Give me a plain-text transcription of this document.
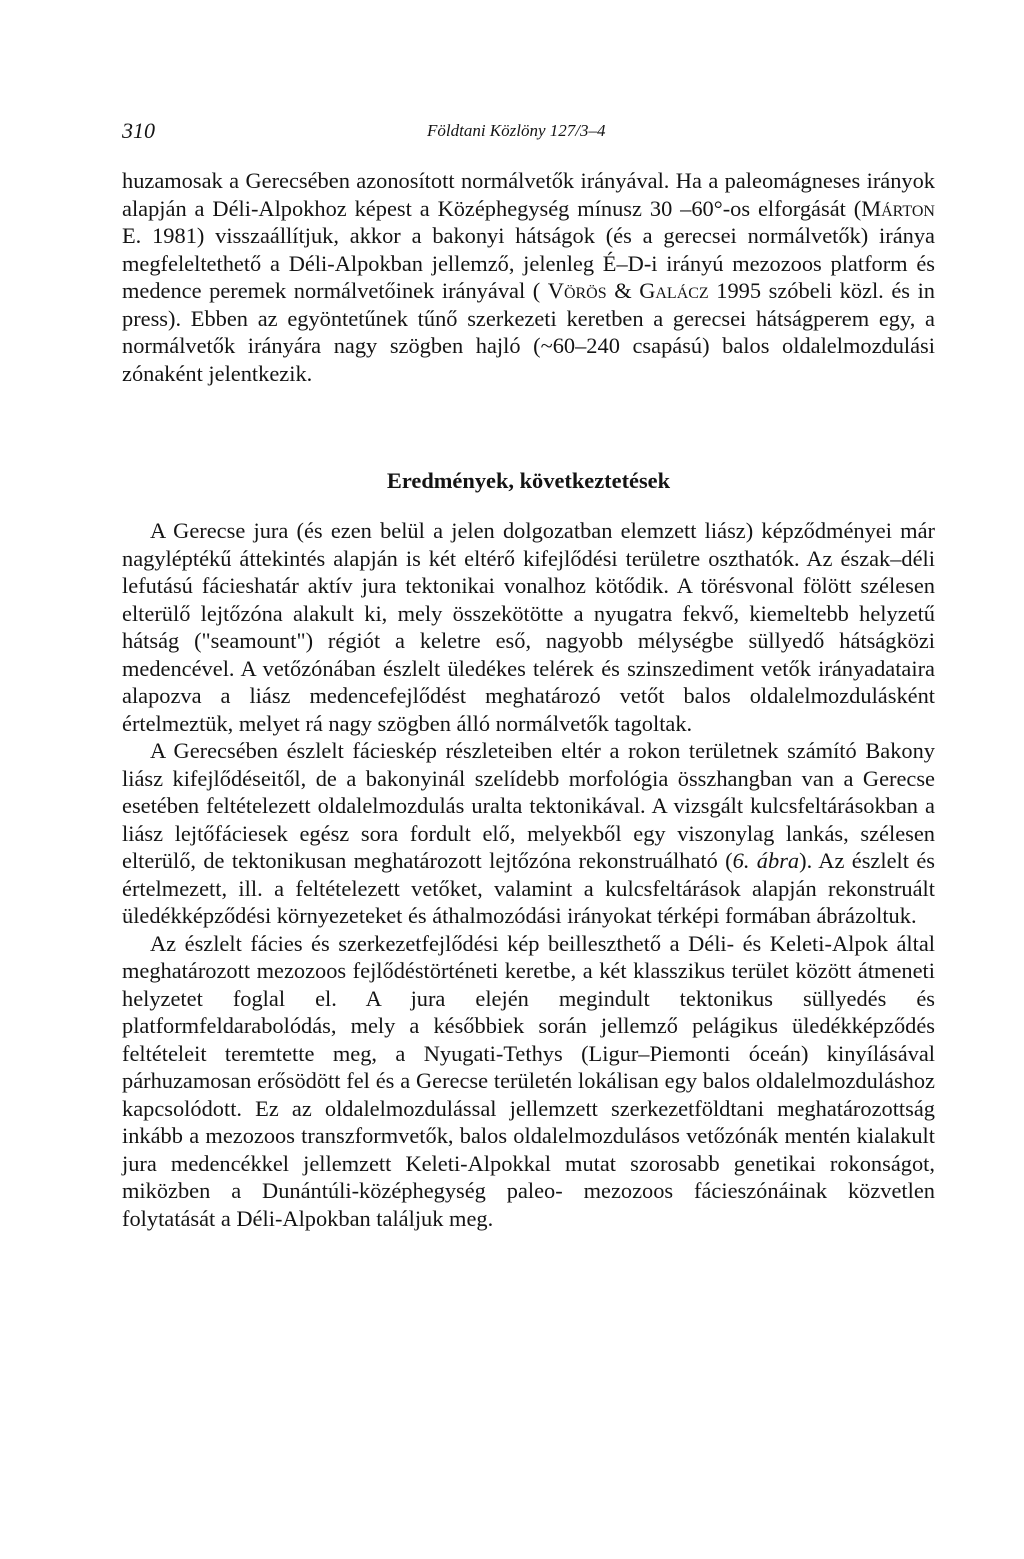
310	Földtani Közlöny 127/3–4

huzamosak a Gerecsében azonosított normálvetők irányával. Ha a paleomágneses irányok alapján a Déli-Alpokhoz képest a Középhegység mínusz 30 –60°-os elforgását (Márton E. 1981) visszaállítjuk, akkor a bakonyi hátságok (és a gerecsei normálvetők) iránya megfeleltethető a Déli-Alpokban jellemző, jelenleg É–D-i irányú mezozoos platform és medence peremek normálvetőinek irányával ( Vörös & Galácz 1995 szóbeli közl. és in press). Ebben az egyöntetűnek tűnő szerkezeti keretben a gerecsei hátságperem egy, a normálvetők irányára nagy szögben hajló (~60–240 csapású) balos oldalelmozdulási zónaként jelentkezik.

Eredmények, következtetések

A Gerecse jura (és ezen belül a jelen dolgozatban elemzett liász) képződményei már nagyléptékű áttekintés alapján is két eltérő kifejlődési területre oszthatók. Az észak–déli lefutású fácieshatár aktív jura tektonikai vonalhoz kötődik. A törésvonal fölött szélesen elterülő lejtőzóna alakult ki, mely összekötötte a nyugatra fekvő, kiemeltebb helyzetű hátság ("seamount") régiót a keletre eső, nagyobb mélységbe süllyedő hátságközi medencével. A vetőzónában észlelt üledékes telérek és szinszediment vetők irányadataira alapozva a liász medencefejlődést meghatározó vetőt balos oldalelmozdulásként értelmeztük, melyet rá nagy szögben álló normálvetők tagoltak.

A Gerecsében észlelt fácieskép részleteiben eltér a rokon területnek számító Bakony liász kifejlődéseitől, de a bakonyinál szelídebb morfológia összhangban van a Gerecse esetében feltételezett oldalelmozdulás uralta tektonikával. A vizsgált kulcsfeltárásokban a liász lejtőfáciesek egész sora fordult elő, melyekből egy viszonylag lankás, szélesen elterülő, de tektonikusan meghatározott lejtőzóna rekonstruálható (6. ábra). Az észlelt és értelmezett, ill. a feltételezett vetőket, valamint a kulcsfeltárások alapján rekonstruált üledékképződési környezeteket és áthalmozódási irányokat térképi formában ábrázoltuk.

Az észlelt fácies és szerkezetfejlődési kép beilleszthető a Déli- és Keleti-Alpok által meghatározott mezozoos fejlődéstörténeti keretbe, a két klasszikus terület között átmeneti helyzetet foglal el. A jura elején megindult tektonikus süllyedés és platformfeldarabolódás, mely a későbbiek során jellemző pelágikus üledékképződés feltételeit teremtette meg, a Nyugati-Tethys (Ligur–Piemonti óceán) kinyílásával párhuzamosan erősödött fel és a Gerecse területén lokálisan egy balos oldalelmozduláshoz kapcsolódott. Ez az oldalelmozdulással jellemzett szerkezetföldtani meghatározottság inkább a mezozoos transzformvetők, balos oldalelmozdulásos vetőzónák mentén kialakult jura medencékkel jellemzett Keleti-Alpokkal mutat szorosabb genetikai rokonságot, miközben a Dunántúli-középhegység paleo- mezozoos fácieszónáinak közvetlen folytatását a Déli-Alpokban találjuk meg.
